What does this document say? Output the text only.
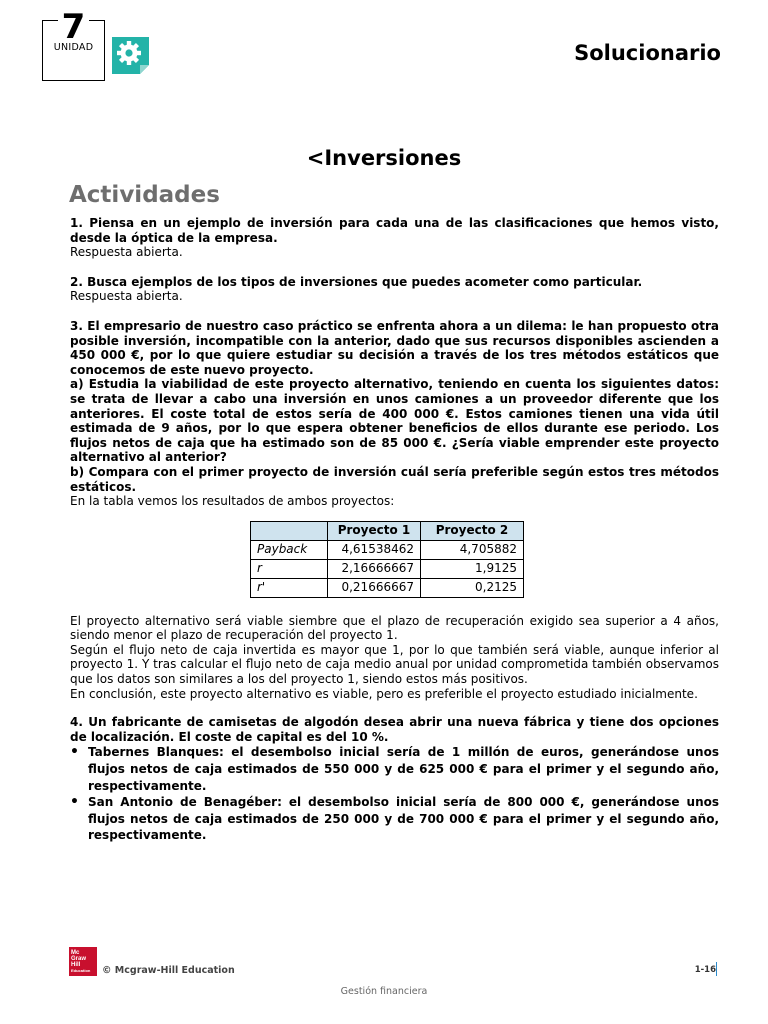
7
UNIDAD	Solucionario
<Inversiones
Actividades

1. Piensa en un ejemplo de inversión para cada una de las clasificaciones que hemos visto, desde la óptica de la empresa.

Respuesta abierta.

2. Busca ejemplos de los tipos de inversiones que puedes acometer como particular.

Respuesta abierta.

3. El empresario de nuestro caso práctico se enfrenta ahora a un dilema: le han propuesto otra posible inversión, incompatible con la anterior, dado que sus recursos disponibles ascienden a 450 000 €, por lo que quiere estudiar su decisión a través de los tres métodos estáticos que conocemos de este nuevo proyecto.

a) Estudia la viabilidad de este proyecto alternativo, teniendo en cuenta los siguientes datos: se trata de llevar a cabo una inversión en unos camiones a un proveedor diferente que los anteriores. El coste total de estos sería de 400 000 €. Estos camiones tienen una vida útil estimada de 9 años, por lo que espera obtener beneficios de ellos durante ese periodo. Los flujos netos de caja que ha estimado son de 85 000 €. ¿Sería viable emprender este proyecto alternativo al anterior?

b) Compara con el primer proyecto de inversión cuál sería preferible según estos tres métodos estáticos.

En la tabla vemos los resultados de ambos proyectos:

	Proyecto 1	Proyecto 2
Payback	4,61538462	4,705882
r	2,16666667	1,9125
r'	0,21666667	0,2125

El proyecto alternativo será viable siembre que el plazo de recuperación exigido sea superior a 4 años, siendo menor el plazo de recuperación del proyecto 1.

Según el flujo neto de caja invertida es mayor que 1, por lo que también será viable, aunque inferior al proyecto 1. Y tras calcular el flujo neto de caja medio anual por unidad comprometida también observamos que los datos son similares a los del proyecto 1, siendo estos más positivos.

En conclusión, este proyecto alternativo es viable, pero es preferible el proyecto estudiado inicialmente.

4. Un fabricante de camisetas de algodón desea abrir una nueva fábrica y tiene dos opciones de localización. El coste de capital es del 10 %.

• Tabernes Blanques: el desembolso inicial sería de 1 millón de euros, generándose unos flujos netos de caja estimados de 550 000 y de 625 000 € para el primer y el segundo año, respectivamente.
• San Antonio de Benagéber: el desembolso inicial sería de 800 000 €, generándose unos flujos netos de caja estimados de 250 000 y de 700 000 € para el primer y el segundo año, respectivamente.
Mc
Graw
Hill
Education © Mcgraw-Hill Education	1-16
Gestión financiera
